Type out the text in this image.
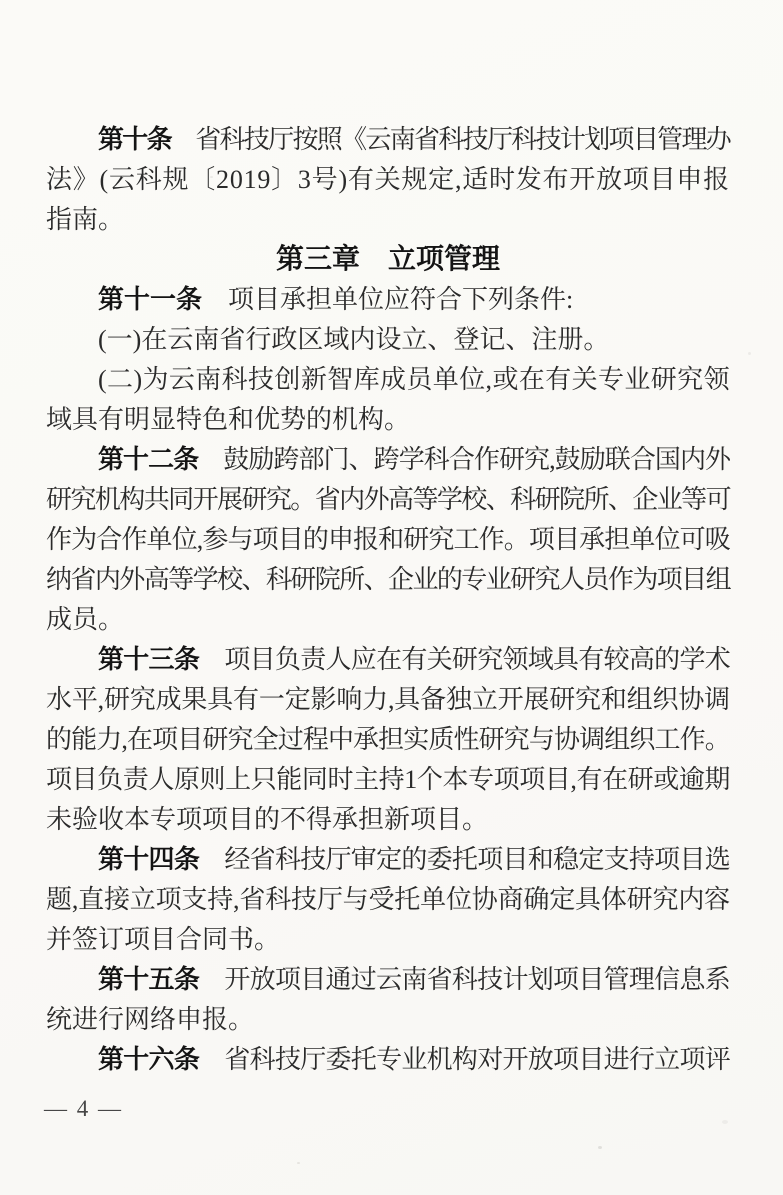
第十条　省科技厅按照《云南省科技厅科技计划项目管理办
法》(云科规〔2019〕3号)有关规定,适时发布开放项目申报
指南。
第三章　立项管理
第十一条　项目承担单位应符合下列条件:
(一)在云南省行政区域内设立、登记、注册。
(二)为云南科技创新智库成员单位,或在有关专业研究领
域具有明显特色和优势的机构。
第十二条　鼓励跨部门、跨学科合作研究,鼓励联合国内外
研究机构共同开展研究。省内外高等学校、科研院所、企业等可
作为合作单位,参与项目的申报和研究工作。项目承担单位可吸
纳省内外高等学校、科研院所、企业的专业研究人员作为项目组
成员。
第十三条　项目负责人应在有关研究领域具有较高的学术
水平,研究成果具有一定影响力,具备独立开展研究和组织协调
的能力,在项目研究全过程中承担实质性研究与协调组织工作。
项目负责人原则上只能同时主持1个本专项项目,有在研或逾期
未验收本专项项目的不得承担新项目。
第十四条　经省科技厅审定的委托项目和稳定支持项目选
题,直接立项支持,省科技厅与受托单位协商确定具体研究内容
并签订项目合同书。
第十五条　开放项目通过云南省科技计划项目管理信息系
统进行网络申报。
第十六条　省科技厅委托专业机构对开放项目进行立项评
— 4 —
